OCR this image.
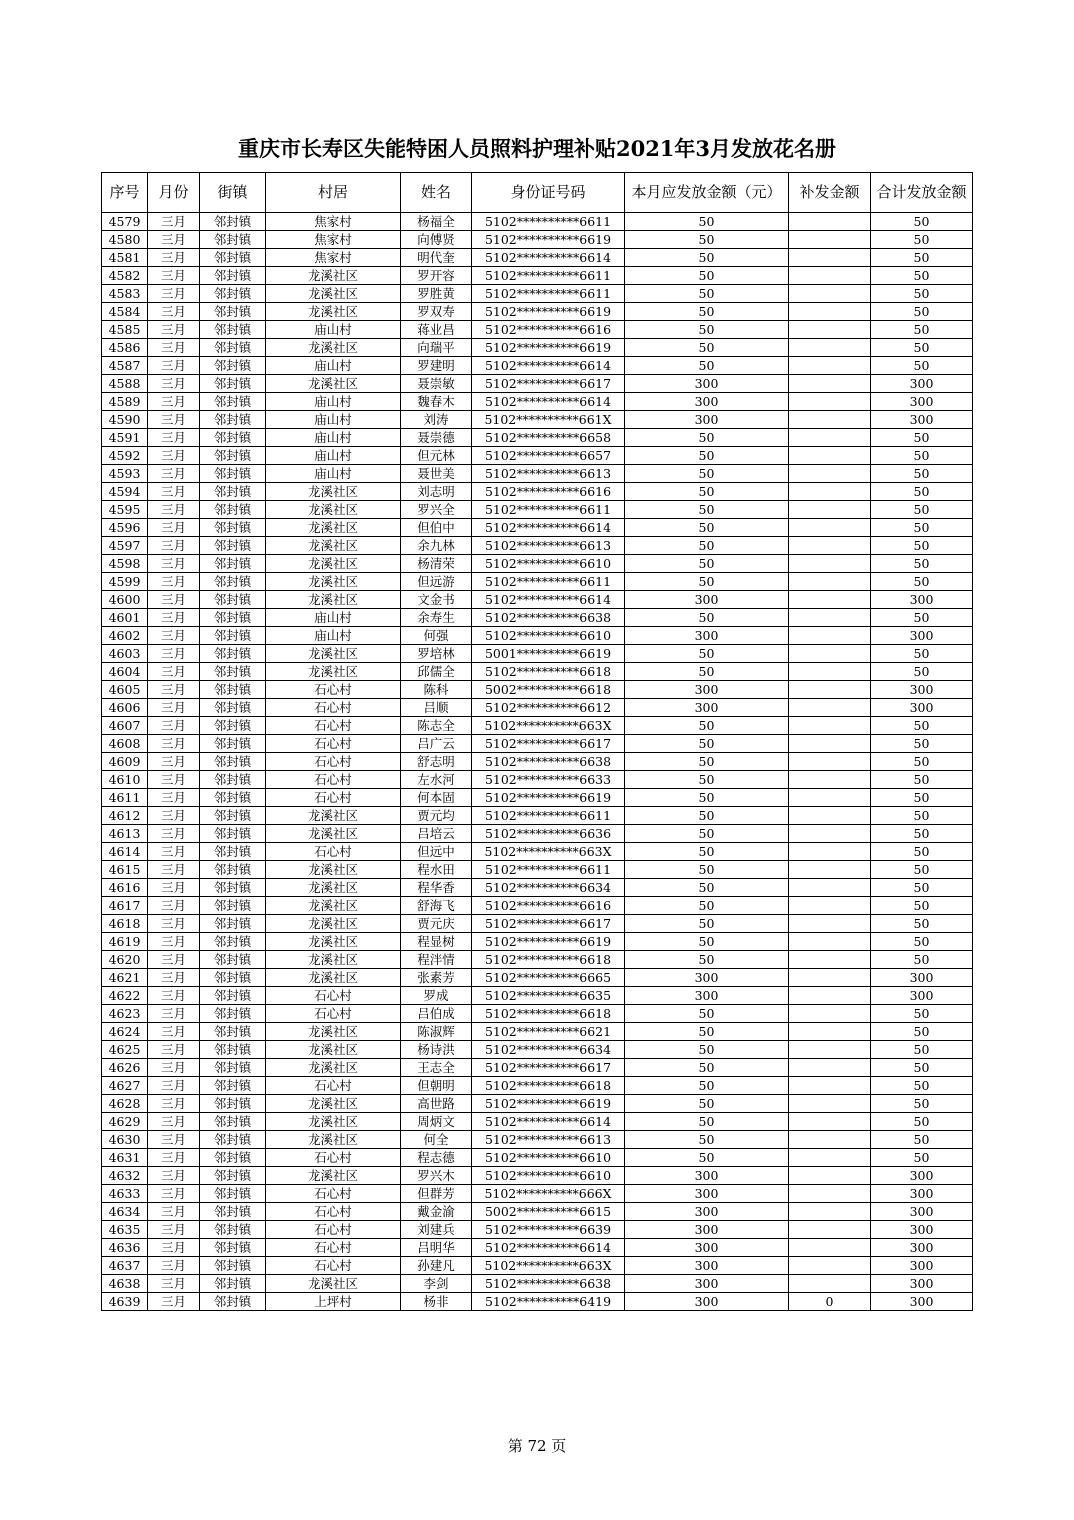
重庆市长寿区失能特困人员照料护理补贴2021年3月发放花名册
序号	月份	街镇	村居	姓名	身份证号码	本月应发放金额（元）	补发金额	合计发放金额
4579	三月	邻封镇	焦家村	杨福全	5102**********6611	50		50
4580	三月	邻封镇	焦家村	向傅贤	5102**********6619	50		50
4581	三月	邻封镇	焦家村	明代奎	5102**********6614	50		50
4582	三月	邻封镇	龙溪社区	罗开容	5102**********6611	50		50
4583	三月	邻封镇	龙溪社区	罗胜黄	5102**********6611	50		50
4584	三月	邻封镇	龙溪社区	罗双寿	5102**********6619	50		50
4585	三月	邻封镇	庙山村	蒋业昌	5102**********6616	50		50
4586	三月	邻封镇	龙溪社区	向瑞平	5102**********6619	50		50
4587	三月	邻封镇	庙山村	罗建明	5102**********6614	50		50
4588	三月	邻封镇	龙溪社区	聂崇敏	5102**********6617	300		300
4589	三月	邻封镇	庙山村	魏春木	5102**********6614	300		300
4590	三月	邻封镇	庙山村	刘涛	5102**********661X	300		300
4591	三月	邻封镇	庙山村	聂崇德	5102**********6658	50		50
4592	三月	邻封镇	庙山村	但元林	5102**********6657	50		50
4593	三月	邻封镇	庙山村	聂世美	5102**********6613	50		50
4594	三月	邻封镇	龙溪社区	刘志明	5102**********6616	50		50
4595	三月	邻封镇	龙溪社区	罗兴全	5102**********6611	50		50
4596	三月	邻封镇	龙溪社区	但伯中	5102**********6614	50		50
4597	三月	邻封镇	龙溪社区	余九林	5102**********6613	50		50
4598	三月	邻封镇	龙溪社区	杨清荣	5102**********6610	50		50
4599	三月	邻封镇	龙溪社区	但远游	5102**********6611	50		50
4600	三月	邻封镇	龙溪社区	文金书	5102**********6614	300		300
4601	三月	邻封镇	庙山村	余寿生	5102**********6638	50		50
4602	三月	邻封镇	庙山村	何强	5102**********6610	300		300
4603	三月	邻封镇	龙溪社区	罗培林	5001**********6619	50		50
4604	三月	邻封镇	龙溪社区	邱儒全	5102**********6618	50		50
4605	三月	邻封镇	石心村	陈科	5002**********6618	300		300
4606	三月	邻封镇	石心村	吕顺	5102**********6612	300		300
4607	三月	邻封镇	石心村	陈志全	5102**********663X	50		50
4608	三月	邻封镇	石心村	吕广云	5102**********6617	50		50
4609	三月	邻封镇	石心村	舒志明	5102**********6638	50		50
4610	三月	邻封镇	石心村	左水河	5102**********6633	50		50
4611	三月	邻封镇	石心村	何本固	5102**********6619	50		50
4612	三月	邻封镇	龙溪社区	贾元均	5102**********6611	50		50
4613	三月	邻封镇	龙溪社区	吕培云	5102**********6636	50		50
4614	三月	邻封镇	石心村	但远中	5102**********663X	50		50
4615	三月	邻封镇	龙溪社区	程水田	5102**********6611	50		50
4616	三月	邻封镇	龙溪社区	程华香	5102**********6634	50		50
4617	三月	邻封镇	龙溪社区	舒海飞	5102**********6616	50		50
4618	三月	邻封镇	龙溪社区	贾元庆	5102**********6617	50		50
4619	三月	邻封镇	龙溪社区	程显树	5102**********6619	50		50
4620	三月	邻封镇	龙溪社区	程泮情	5102**********6618	50		50
4621	三月	邻封镇	龙溪社区	张素芳	5102**********6665	300		300
4622	三月	邻封镇	石心村	罗成	5102**********6635	300		300
4623	三月	邻封镇	石心村	吕伯成	5102**********6618	50		50
4624	三月	邻封镇	龙溪社区	陈淑辉	5102**********6621	50		50
4625	三月	邻封镇	龙溪社区	杨诗洪	5102**********6634	50		50
4626	三月	邻封镇	龙溪社区	王志全	5102**********6617	50		50
4627	三月	邻封镇	石心村	但朝明	5102**********6618	50		50
4628	三月	邻封镇	龙溪社区	高世路	5102**********6619	50		50
4629	三月	邻封镇	龙溪社区	周炳文	5102**********6614	50		50
4630	三月	邻封镇	龙溪社区	何全	5102**********6613	50		50
4631	三月	邻封镇	石心村	程志德	5102**********6610	50		50
4632	三月	邻封镇	龙溪社区	罗兴木	5102**********6610	300		300
4633	三月	邻封镇	石心村	但群芳	5102**********666X	300		300
4634	三月	邻封镇	石心村	戴金渝	5002**********6615	300		300
4635	三月	邻封镇	石心村	刘建兵	5102**********6639	300		300
4636	三月	邻封镇	石心村	吕明华	5102**********6614	300		300
4637	三月	邻封镇	石心村	孙建凡	5102**********663X	300		300
4638	三月	邻封镇	龙溪社区	李剑	5102**********6638	300		300
4639	三月	邻封镇	上坪村	杨非	5102**********6419	300	0	300
第 72 页
